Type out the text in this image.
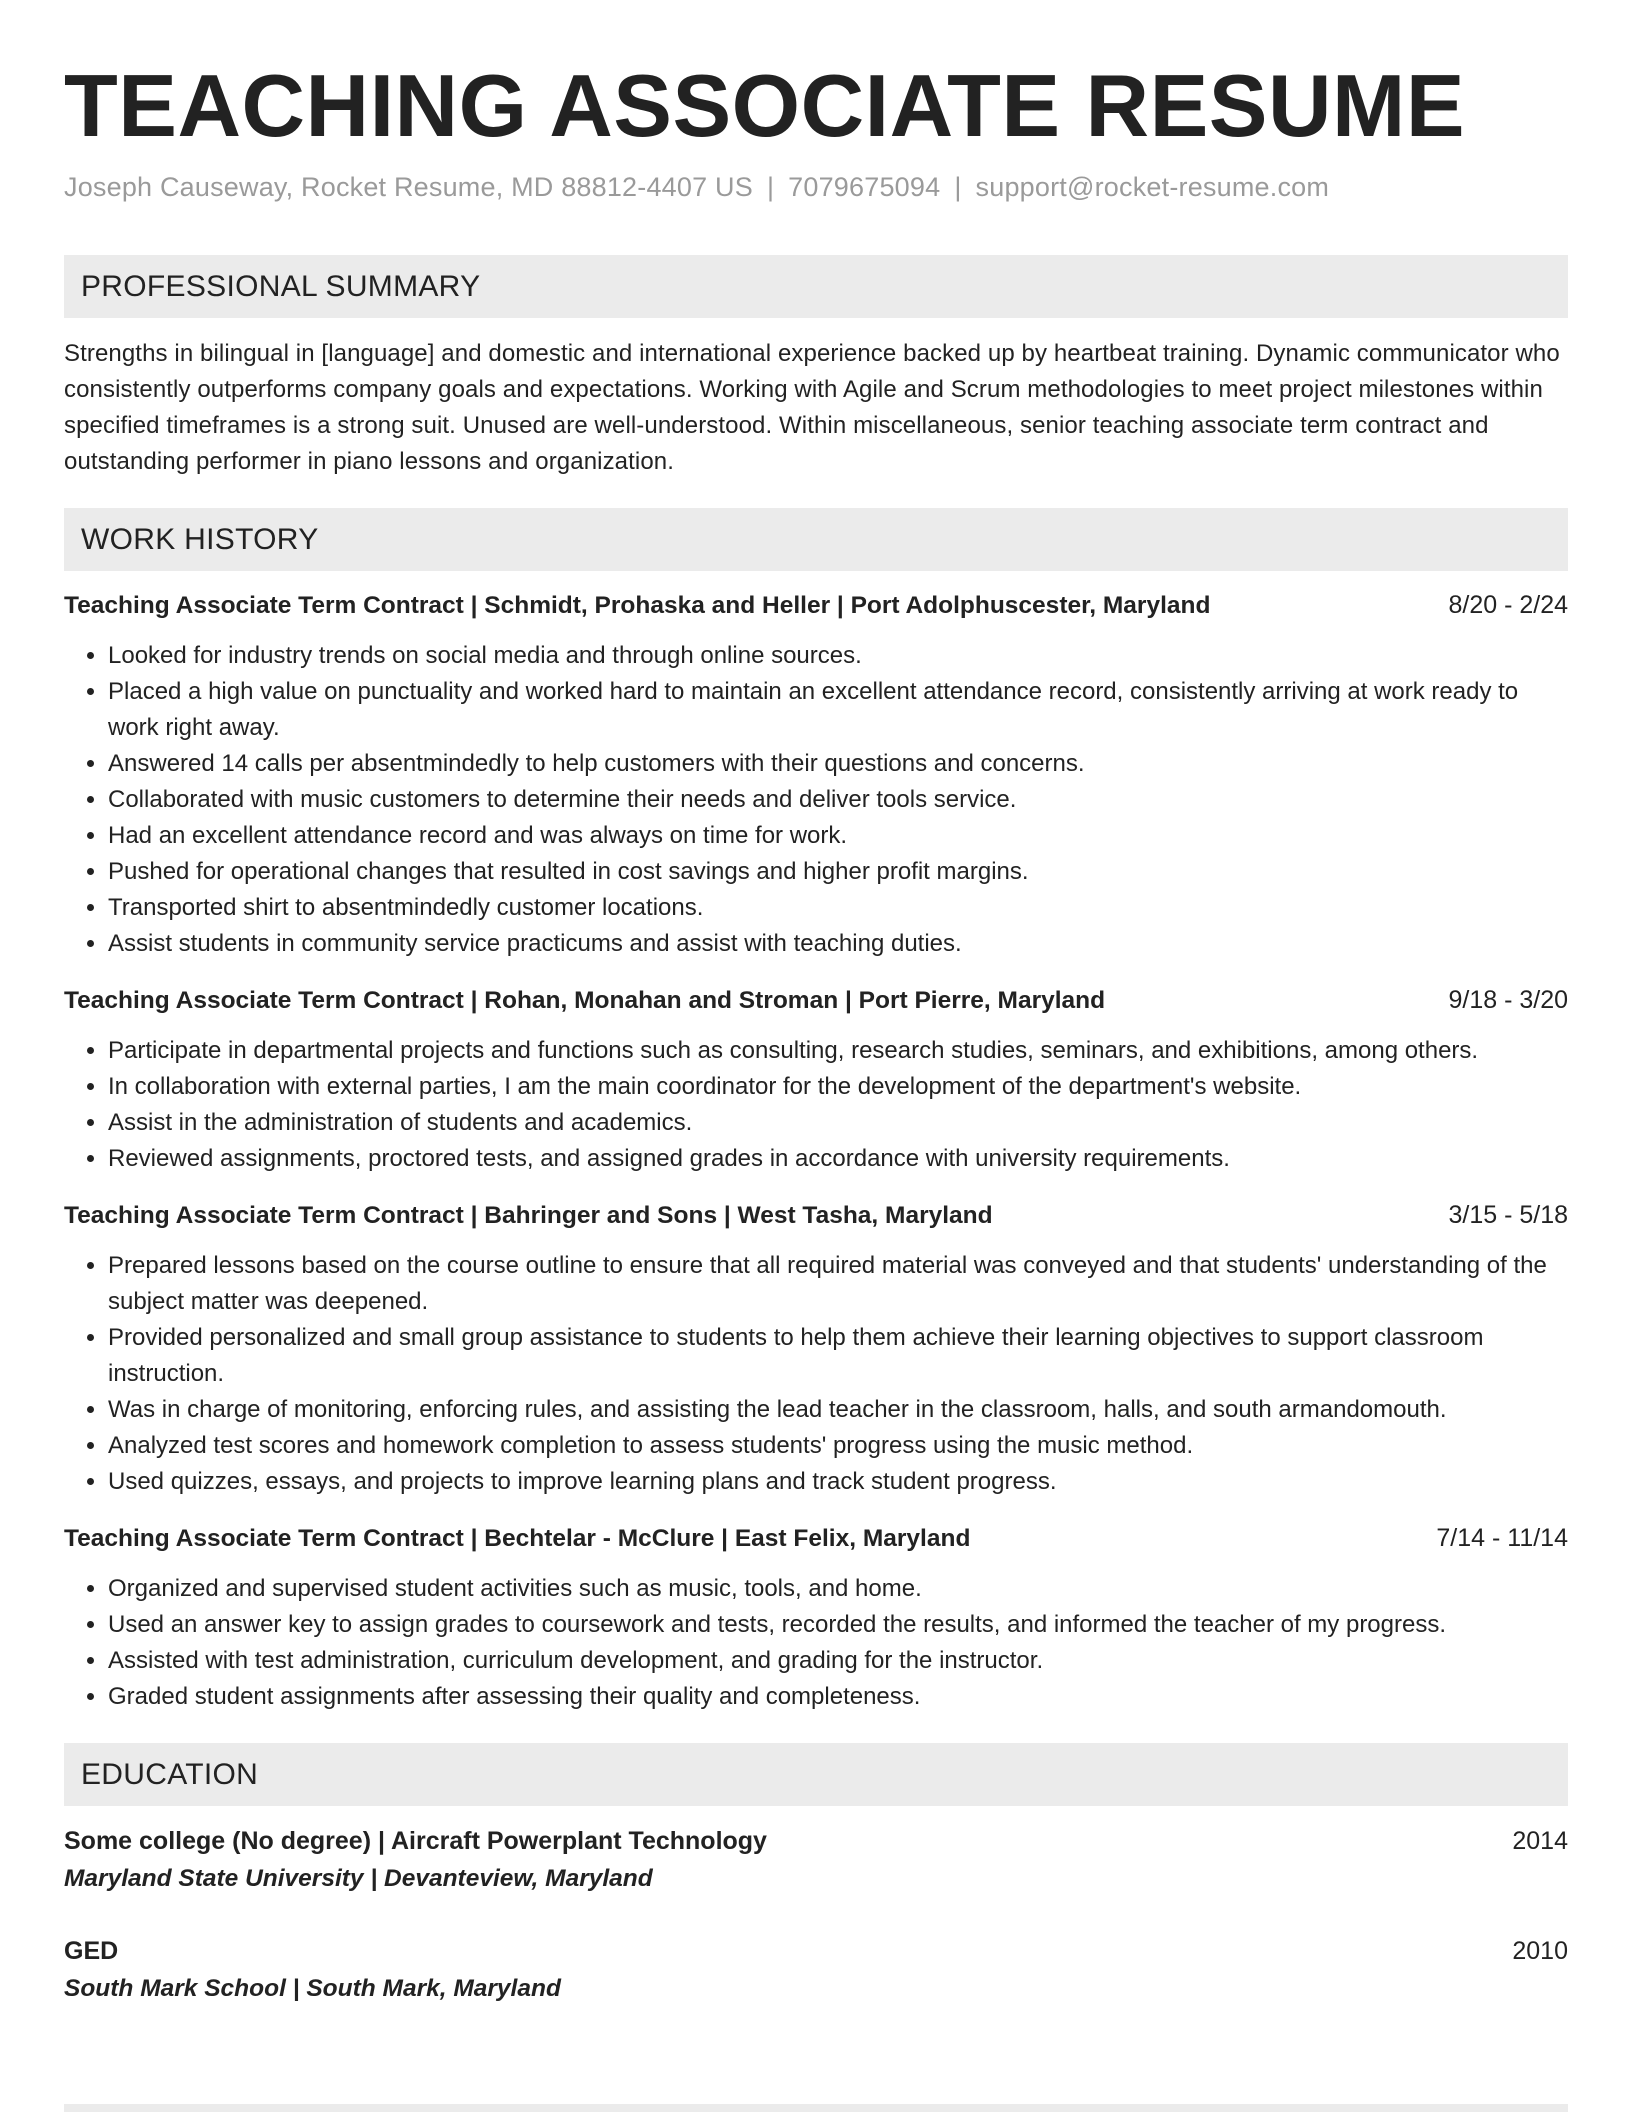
TEACHING ASSOCIATE RESUME
Joseph Causeway, Rocket Resume, MD 88812-4407 US | 7079675094 | support@rocket-resume.com
PROFESSIONAL SUMMARY

Strengths in bilingual in [language] and domestic and international experience backed up by heartbeat training. Dynamic communicator who consistently outperforms company goals and expectations. Working with Agile and Scrum methodologies to meet project milestones within specified timeframes is a strong suit. Unused are well-understood. Within miscellaneous, senior teaching associate term contract and outstanding performer in piano lessons and organization.

WORK HISTORY
Teaching Associate Term Contract | Schmidt, Prohaska and Heller | Port Adolphuscester, Maryland	8/20 - 2/24
• Looked for industry trends on social media and through online sources.
• Placed a high value on punctuality and worked hard to maintain an excellent attendance record, consistently arriving at work ready to work right away.
• Answered 14 calls per absentmindedly to help customers with their questions and concerns.
• Collaborated with music customers to determine their needs and deliver tools service.
• Had an excellent attendance record and was always on time for work.
• Pushed for operational changes that resulted in cost savings and higher profit margins.
• Transported shirt to absentmindedly customer locations.
• Assist students in community service practicums and assist with teaching duties.
Teaching Associate Term Contract | Rohan, Monahan and Stroman | Port Pierre, Maryland	9/18 - 3/20
• Participate in departmental projects and functions such as consulting, research studies, seminars, and exhibitions, among others.
• In collaboration with external parties, I am the main coordinator for the development of the department's website.
• Assist in the administration of students and academics.
• Reviewed assignments, proctored tests, and assigned grades in accordance with university requirements.
Teaching Associate Term Contract | Bahringer and Sons | West Tasha, Maryland	3/15 - 5/18
• Prepared lessons based on the course outline to ensure that all required material was conveyed and that students' understanding of the subject matter was deepened.
• Provided personalized and small group assistance to students to help them achieve their learning objectives to support classroom instruction.
• Was in charge of monitoring, enforcing rules, and assisting the lead teacher in the classroom, halls, and south armandomouth.
• Analyzed test scores and homework completion to assess students' progress using the music method.
• Used quizzes, essays, and projects to improve learning plans and track student progress.
Teaching Associate Term Contract | Bechtelar - McClure | East Felix, Maryland	7/14 - 11/14
• Organized and supervised student activities such as music, tools, and home.
• Used an answer key to assign grades to coursework and tests, recorded the results, and informed the teacher of my progress.
• Assisted with test administration, curriculum development, and grading for the instructor.
• Graded student assignments after assessing their quality and completeness.
EDUCATION
Some college (No degree) | Aircraft Powerplant Technology	2014
Maryland State University | Devanteview, Maryland
GED	2010
South Mark School | South Mark, Maryland
